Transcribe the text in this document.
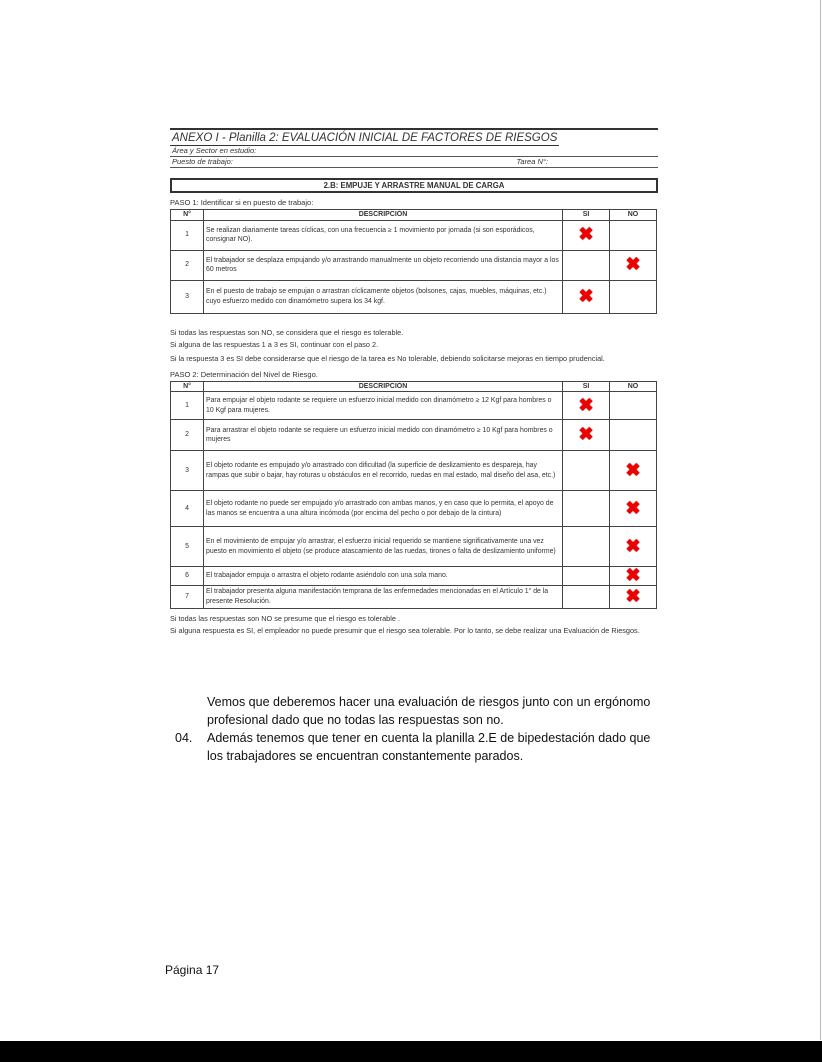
ANEXO I - Planilla 2: EVALUACIÓN INICIAL DE FACTORES DE RIESGOS
Área y Sector en estudio:
Puesto de trabajo:	Tarea N°:
2.B: EMPUJE Y ARRASTRE MANUAL DE CARGA
PASO 1: Identificar si en puesto de trabajo:
N°	DESCRIPCIÓN	SI	NO
1	Se realizan diariamente tareas cíclicas, con una frecuencia ≥ 1 movimiento por jornada (si son esporádicos, consignar NO).	✖	
2	El trabajador se desplaza empujando y/o arrastrando manualmente un objeto recorriendo una distancia mayor a los 60 metros		✖
3	En el puesto de trabajo se empujan o arrastran cíclicamente objetos (bolsones, cajas, muebles, máquinas, etc.) cuyo esfuerzo medido con dinamómetro supera los 34 kgf.	✖	

Si todas las respuestas son NO, se considera que el riesgo es tolerable.

Si alguna de las respuestas 1 a 3 es SI, continuar con el paso 2.

Si la respuesta 3 es SI debe considerarse que el riesgo de la tarea es No tolerable, debiendo solicitarse mejoras en tiempo prudencial.

PASO 2: Determinación del Nivel de Riesgo.
N°	DESCRIPCIÓN	SI	NO
1	Para empujar el objeto rodante se requiere un esfuerzo inicial medido con dinamómetro ≥ 12 Kgf para hombres o 10 Kgf para mujeres.	✖	
2	Para arrastrar el objeto rodante se requiere un esfuerzo inicial medido con dinamómetro ≥ 10 Kgf para hombres o mujeres	✖	
3	El objeto rodante es empujado y/o arrastrado con dificultad (la superficie de deslizamiento es despareja, hay rampas que subir o bajar, hay roturas u obstáculos en el recorrido, ruedas en mal estado, mal diseño del asa, etc.)		✖
4	El objeto rodante no puede ser empujado y/o arrastrado con ambas manos, y en caso que lo permita, el apoyo de las manos se encuentra a una altura incómoda (por encima del pecho o por debajo de la cintura)		✖
5	En el movimiento de empujar y/o arrastrar, el esfuerzo inicial requerido se mantiene significativamente una vez puesto en movimiento el objeto (se produce atascamiento de las ruedas, tirones o falta de deslizamiento uniforme)		✖
6	El trabajador empuja o arrastra el objeto rodante asiéndolo con una sola mano.		✖
7	El trabajador presenta alguna manifestación temprana de las enfermedades mencionadas en el Artículo 1° de la presente Resolución.		✖

Si todas las respuestas son NO se presume que el riesgo es tolerable .

Si alguna respuesta es SI, el empleador no puede presumir que el riesgo sea tolerable. Por lo tanto, se debe realizar una Evaluación de Riesgos.

Vemos que deberemos hacer una evaluación de riesgos junto con un ergónomo profesional dado que no todas las respuestas son no.
04.	Además tenemos que tener en cuenta la planilla 2.E de bipedestación dado que los trabajadores se encuentran constantemente parados.
Página 17
